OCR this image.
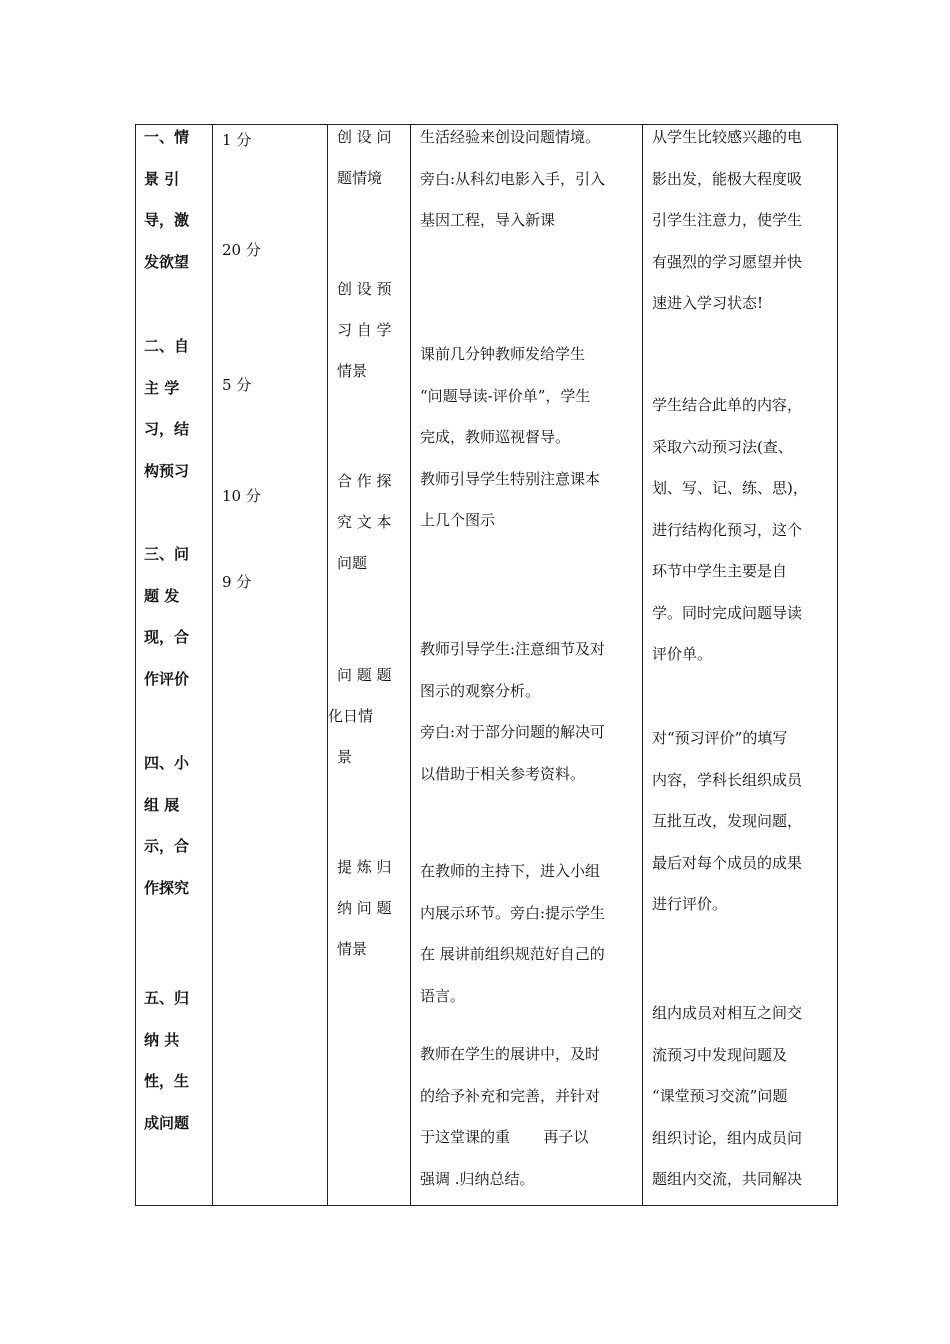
一、情
景 引
导，激
发欲望
二、自
主 学
习，结
构预习
三、问
题 发
现，合
作评价
四、小
组 展
示，合
作探究
五、归
纳 共
性，生
成问题
1 分
20 分
5 分
10 分
9 分
创 设 问
题情境
创 设 预
习 自 学
情景
合 作 探
究 文 本
问题
问 题 题
化日情
景
提 炼 归
纳 问 题
情景

生活经验来创设问题情境。

旁白:从科幻电影入手，引入

基因工程，导入新课

课前几分钟教师发给学生

“问题导读-评价单”，学生

完成，教师巡视督导。

教师引导学生特别注意课本

上几个图示

教师引导学生:注意细节及对

图示的观察分析。

旁白:对于部分问题的解决可

以借助于相关参考资料。

在教师的主持下，进入小组

内展示环节。旁白:提示学生

在 展讲前组织规范好自己的

语言。

教师在学生的展讲中，及时

的给予补充和完善，并针对

于这堂课的重       再子以

强调 .归纳总结。

从学生比较感兴趣的电

影出发，能极大程度吸

引学生注意力，使学生

有强烈的学习愿望并快

速进入学习状态!

学生结合此单的内容，

采取六动预习法(查、

划、写、记、练、思)，

进行结构化预习，这个

环节中学生主要是自

学。同时完成问题导读

评价单。

对“预习评价”的填写

内容，学科长组织成员

互批互改，发现问题，

最后对每个成员的成果

进行评价。

组内成员对相互之间交

流预习中发现问题及

“课堂预习交流”问题

组织讨论，组内成员问

题组内交流，共同解决
